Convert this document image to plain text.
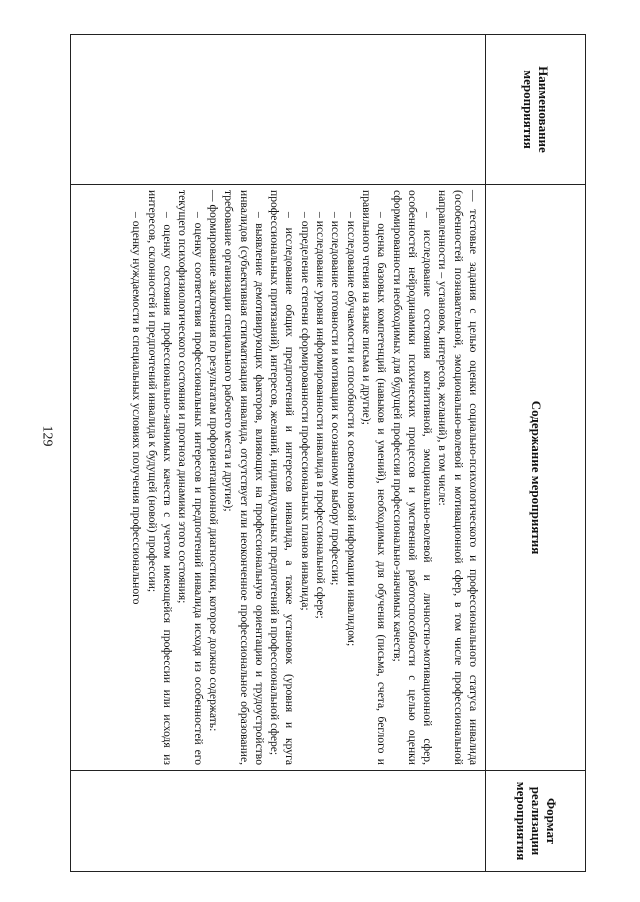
129
Наименование мероприятия
Содержание мероприятия

— тестовые задания с целью оценки социально-психологического и профессионального статуса инвалида (особенностей познавательной, эмоционально-волевой и мотивационной сфер, в том числе профессиональной направленности – установок, интересов, желаний), в том числе:

– исследование состояния когнитивной, эмоционально-волевой и личностно-мотивационной сфер, особенностей нейродинамики психических процессов и умственной работоспособности с целью оценки сформированности необходимых для будущей профессии профессионально-значимых качеств;

– оценка базовых компетенций (навыков и умений), необходимых для обучения (письма, счета, беглого и правильного чтения на языке письма и другие);

– исследование обучаемости и способности к освоению новой информации инвалидом;

– исследование готовности и мотивации к осознанному выбору профессии;

– исследование уровня информированности инвалида в профессиональной сфере;

– определение степени сформированности профессиональных планов инвалида;

– исследование общих предпочтений и интересов инвалида, а также установок (уровня и круга профессиональных притязаний), интересов, желаний, индивидуальных предпочтений в профессиональной сфере;

– выявление демотивирующих факторов, влияющих на профессиональную ориентацию и трудоустройство инвалидов (субъективная стигматизация инвалида, отсутствует или неоконченное профессиональное образование, требование организации специального рабочего места и другие);

— формирование заключения по результатам профориентационной диагностики, которое должно содержать:

– оценку соответствия профессиональных интересов и предпочтений инвалида исходя из особенностей его текущего психофизиологического состояния и прогноза динамики этого состояния;

– оценку состояния профессионально-значимых качеств с учетом имеющейся профессии или исходя из интересов, склонностей и предпочтений инвалида к будущей (новой) профессии;

– оценку нуждаемости в специальных условиях получения профессионального

Формат реализации мероприятия
